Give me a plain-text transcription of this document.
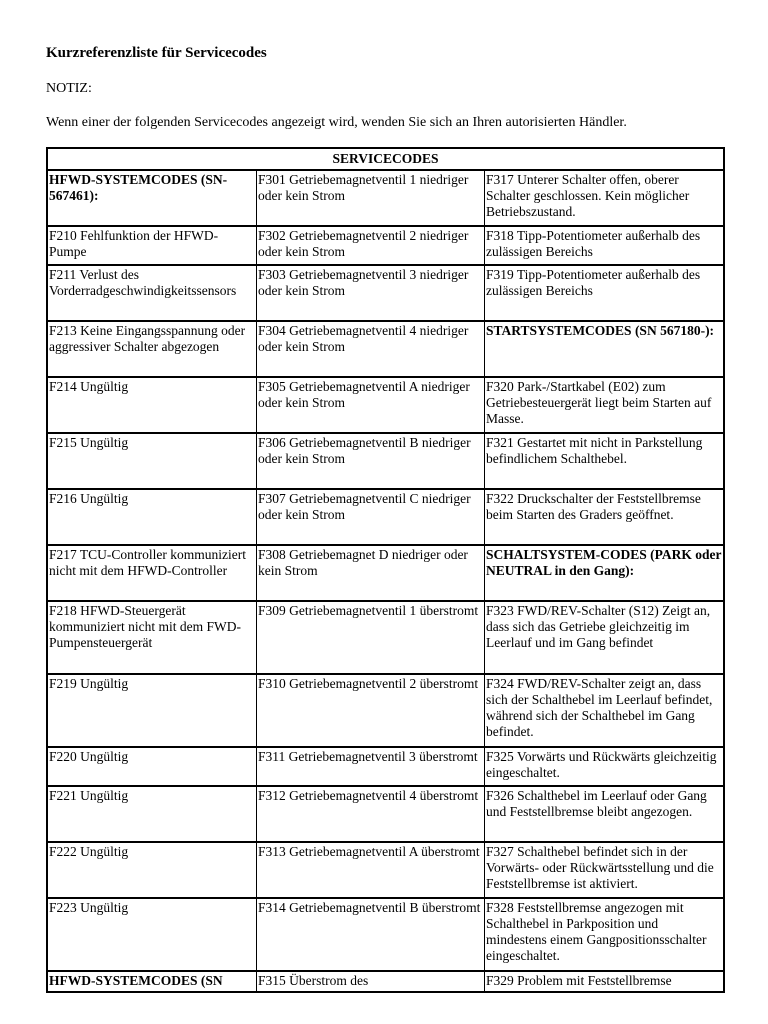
Kurzreferenzliste für Servicecodes
NOTIZ:
Wenn einer der folgenden Servicecodes angezeigt wird, wenden Sie sich an Ihren autorisierten Händler.
SERVICECODES		
HFWD-SYSTEMCODES (SN-567461):	F301 Getriebemagnetventil 1 niedriger oder kein Strom	F317 Unterer Schalter offen, oberer Schalter geschlossen. Kein möglicher Betriebszustand.
F210 Fehlfunktion der HFWD-Pumpe	F302 Getriebemagnetventil 2 niedriger oder kein Strom	F318 Tipp-Potentiometer außerhalb des zulässigen Bereichs
F211 Verlust des Vorderradgeschwindigkeitssensors	F303 Getriebemagnetventil 3 niedriger oder kein Strom	F319 Tipp-Potentiometer außerhalb des zulässigen Bereichs
F213 Keine Eingangsspannung oder aggressiver Schalter abgezogen	F304 Getriebemagnetventil 4 niedriger oder kein Strom	STARTSYSTEMCODES (SN 567180-):
F214 Ungültig	F305 Getriebemagnetventil A niedriger oder kein Strom	F320 Park-/Startkabel (E02) zum Getriebesteuergerät liegt beim Starten auf Masse.
F215 Ungültig	F306 Getriebemagnetventil B niedriger oder kein Strom	F321 Gestartet mit nicht in Parkstellung befindlichem Schalthebel.
F216 Ungültig	F307 Getriebemagnetventil C niedriger oder kein Strom	F322 Druckschalter der Feststellbremse beim Starten des Graders geöffnet.
F217 TCU-Controller kommuniziert nicht mit dem HFWD-Controller	F308 Getriebemagnet D niedriger oder kein Strom	SCHALTSYSTEM-CODES (PARK oder NEUTRAL in den Gang):
F218 HFWD-Steuergerät kommuniziert nicht mit dem FWD-Pumpensteuergerät	F309 Getriebemagnetventil 1 überstromt	F323 FWD/REV-Schalter (S12) Zeigt an, dass sich das Getriebe gleichzeitig im Leerlauf und im Gang befindet
F219 Ungültig	F310 Getriebemagnetventil 2 überstromt	F324 FWD/REV-Schalter zeigt an, dass sich der Schalthebel im Leerlauf befindet, während sich der Schalthebel im Gang befindet.
F220 Ungültig	F311 Getriebemagnetventil 3 überstromt	F325 Vorwärts und Rückwärts gleichzeitig eingeschaltet.
F221 Ungültig	F312 Getriebemagnetventil 4 überstromt	F326 Schalthebel im Leerlauf oder Gang und Feststellbremse bleibt angezogen.
F222 Ungültig	F313 Getriebemagnetventil A überstromt	F327 Schalthebel befindet sich in der Vorwärts- oder Rückwärtsstellung und die Feststellbremse ist aktiviert.
F223 Ungültig	F314 Getriebemagnetventil B überstromt	F328 Feststellbremse angezogen mit Schalthebel in Parkposition und mindestens einem Gangpositionsschalter eingeschaltet.
HFWD-SYSTEMCODES (SN	F315 Überstrom des	F329 Problem mit Feststellbremse
